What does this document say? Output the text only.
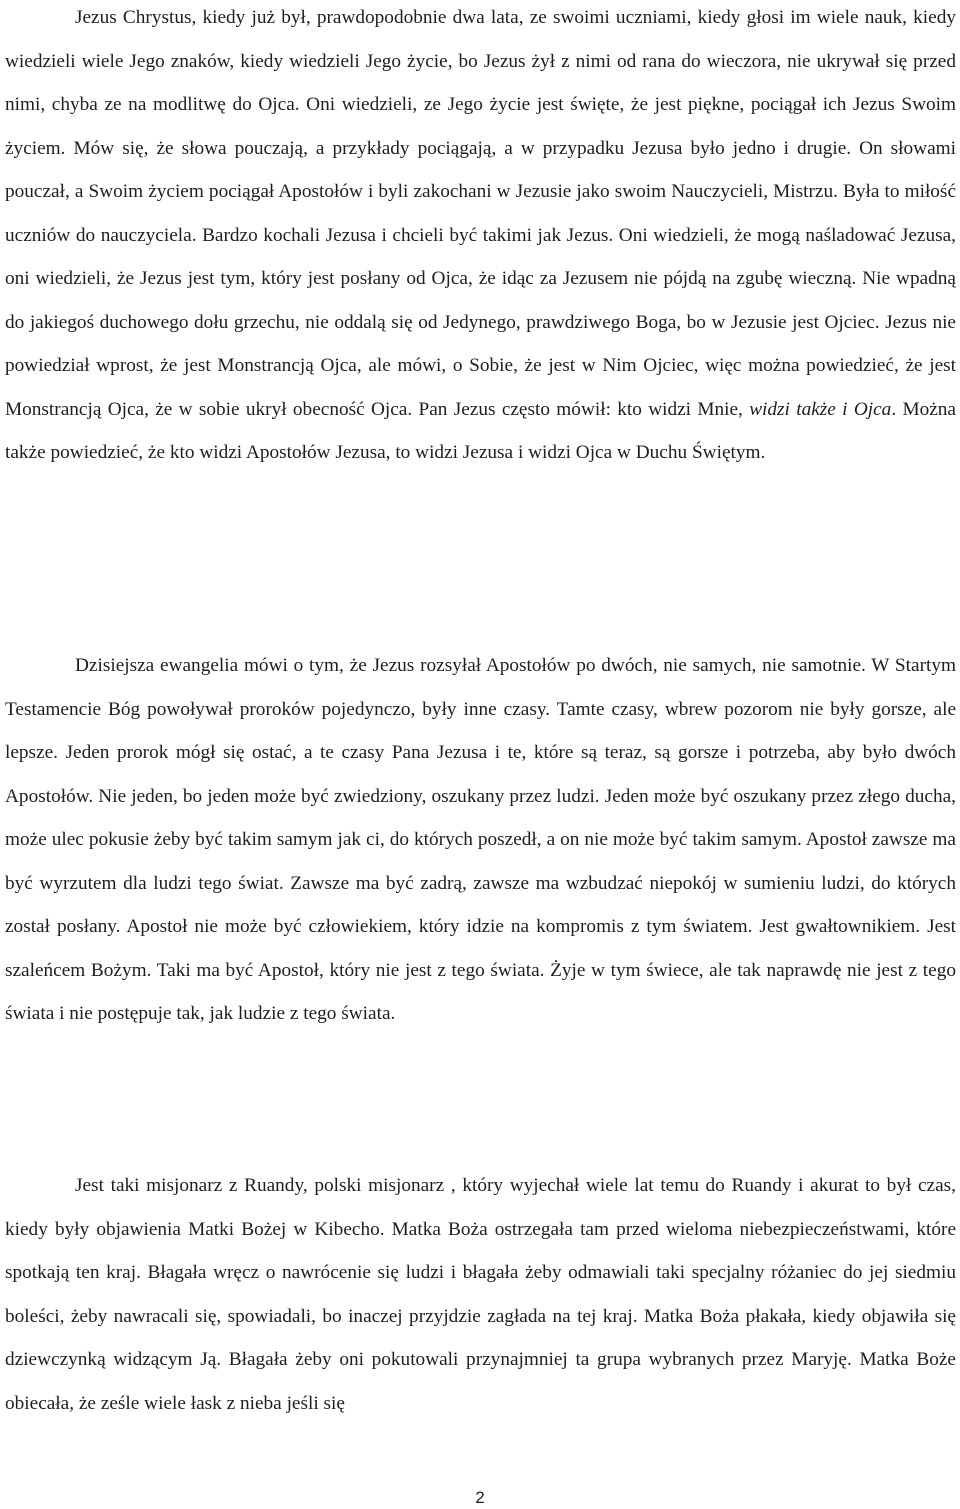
Jezus Chrystus, kiedy już był, prawdopodobnie dwa lata, ze swoimi uczniami, kiedy głosi im wiele nauk, kiedy wiedzieli wiele Jego znaków, kiedy wiedzieli Jego życie, bo Jezus żył z nimi od rana do wieczora, nie ukrywał się przed nimi, chyba ze na modlitwę do Ojca. Oni wiedzieli, ze Jego życie jest święte, że jest piękne, pociągał ich Jezus Swoim życiem. Mów się, że słowa pouczają, a przykłady pociągają, a w przypadku Jezusa było jedno i drugie. On słowami pouczał, a Swoim życiem pociągał Apostołów i byli zakochani w Jezusie jako swoim Nauczycieli, Mistrzu. Była to miłość uczniów do nauczyciela. Bardzo kochali Jezusa i chcieli być takimi jak Jezus. Oni wiedzieli, że mogą naśladować Jezusa, oni wiedzieli, że Jezus jest tym, który jest posłany od Ojca, że idąc za Jezusem nie pójdą na zgubę wieczną. Nie wpadną do jakiegoś duchowego dołu grzechu, nie oddalą się od Jedynego, prawdziwego Boga, bo w Jezusie jest Ojciec. Jezus nie powiedział wprost, że jest Monstrancją Ojca, ale mówi, o Sobie, że jest w Nim Ojciec, więc można powiedzieć, że jest Monstrancją Ojca, że w sobie ukrył obecność Ojca. Pan Jezus często mówił: kto widzi Mnie, widzi także i Ojca. Można także powiedzieć, że kto widzi Apostołów Jezusa, to widzi Jezusa i widzi Ojca w Duchu Świętym.

Dzisiejsza ewangelia mówi o tym, że Jezus rozsyłał Apostołów po dwóch, nie samych, nie samotnie. W Startym Testamencie Bóg powoływał proroków pojedynczo, były inne czasy. Tamte czasy, wbrew pozorom nie były gorsze, ale lepsze. Jeden prorok mógł się ostać, a te czasy Pana Jezusa i te, które są teraz, są gorsze i potrzeba, aby było dwóch Apostołów. Nie jeden, bo jeden może być zwiedziony, oszukany przez ludzi. Jeden może być oszukany przez złego ducha, może ulec pokusie żeby być takim samym jak ci, do których poszedł, a on nie może być takim samym. Apostoł zawsze ma być wyrzutem dla ludzi tego świat. Zawsze ma być zadrą, zawsze ma wzbudzać niepokój w sumieniu ludzi, do których został posłany. Apostoł nie może być człowiekiem, który idzie na kompromis z tym światem. Jest gwałtownikiem. Jest szaleńcem Bożym. Taki ma być Apostoł, który nie jest z tego świata. Żyje w tym świece, ale tak naprawdę nie jest z tego świata i nie postępuje tak, jak ludzie z tego świata.

Jest taki misjonarz z Ruandy, polski misjonarz , który wyjechał wiele lat temu do Ruandy i akurat to był czas, kiedy były objawienia Matki Bożej w Kibecho. Matka Boża ostrzegała tam przed wieloma niebezpieczeństwami, które spotkają ten kraj. Błagała wręcz o nawrócenie się ludzi i błagała żeby odmawiali taki specjalny różaniec do jej siedmiu boleści, żeby nawracali się, spowiadali, bo inaczej przyjdzie zagłada na tej kraj. Matka Boża płakała, kiedy objawiła się dziewczynką widzącym Ją. Błagała żeby oni pokutowali przynajmniej ta grupa wybranych przez Maryję. Matka Boże obiecała, że ześle wiele łask z nieba jeśli się

2
